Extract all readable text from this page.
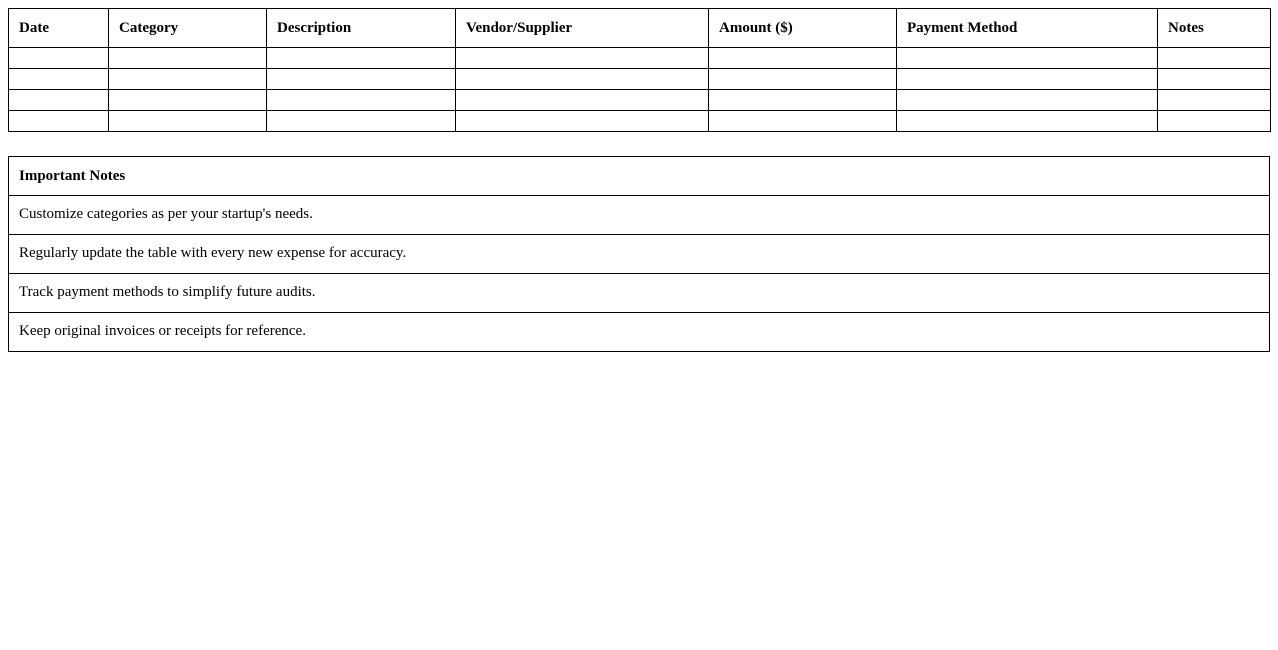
Date	Category	Description	Vendor/Supplier	Amount ($)	Payment Method	Notes

Important Notes
Customize categories as per your startup's needs.
Regularly update the table with every new expense for accuracy.
Track payment methods to simplify future audits.
Keep original invoices or receipts for reference.
